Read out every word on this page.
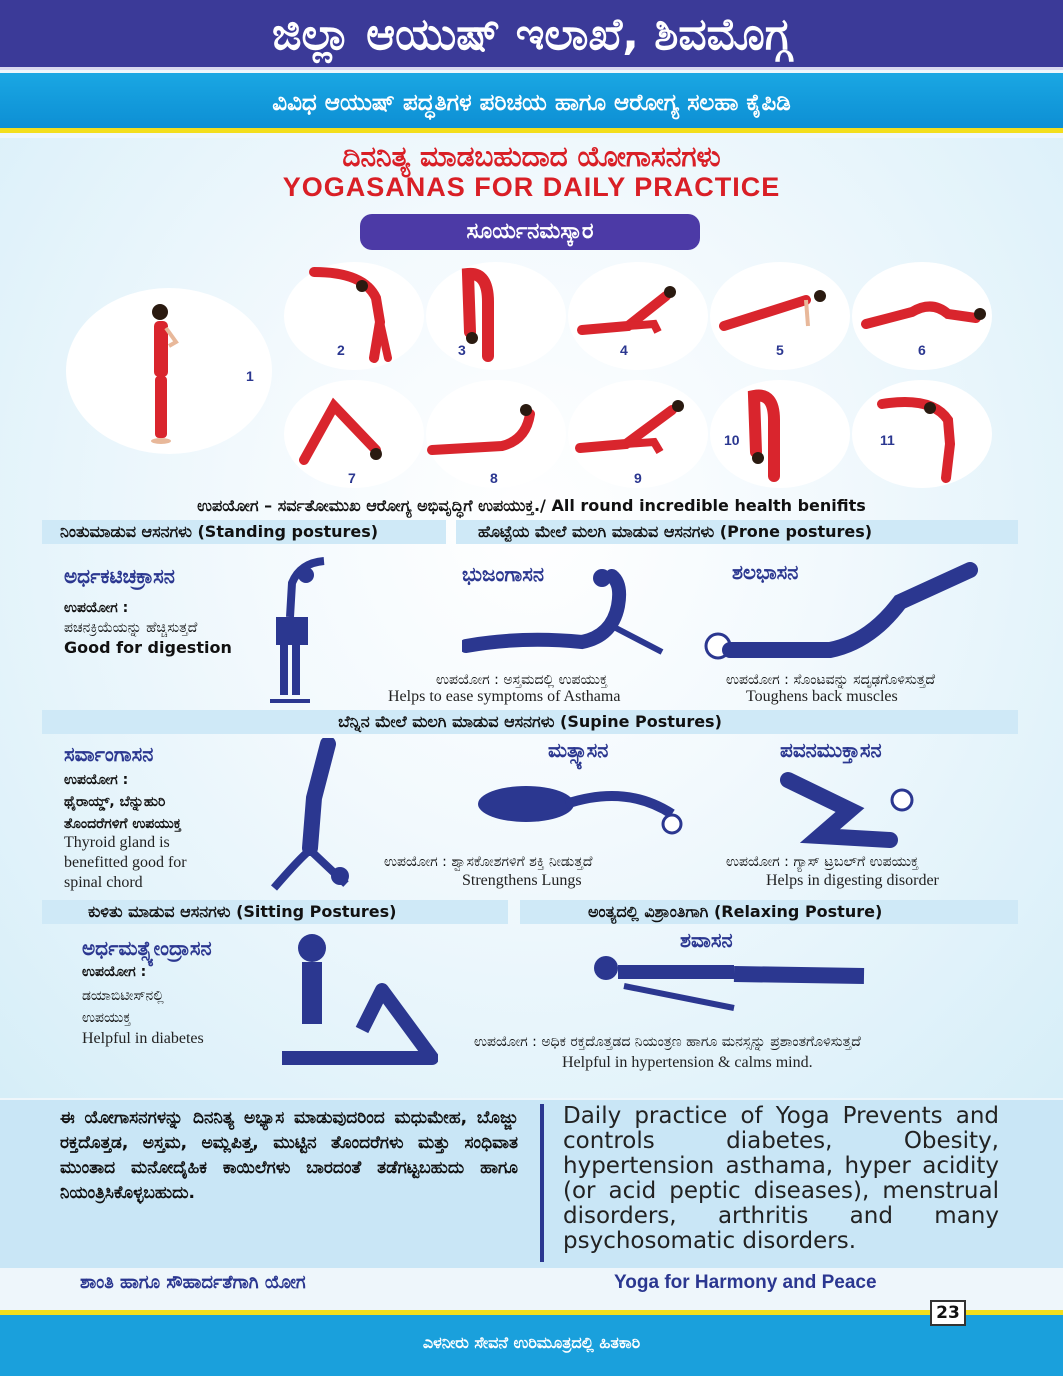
ಜಿಲ್ಲಾ ಆಯುಷ್ ಇಲಾಖೆ, ಶಿವಮೊಗ್ಗ
ವಿವಿಧ ಆಯುಷ್ ಪದ್ಧತಿಗಳ ಪರಿಚಯ ಹಾಗೂ ಆರೋಗ್ಯ ಸಲಹಾ ಕೈಪಿಡಿ
ದಿನನಿತ್ಯ ಮಾಡಬಹುದಾದ ಯೋಗಾಸನಗಳು
YOGASANAS FOR DAILY PRACTICE
ಸೂರ್ಯನಮಸ್ಕಾರ
1
2	3	4	5	6
7	8	9
10	11
ಉಪಯೋಗ – ಸರ್ವತೋಮುಖ ಆರೋಗ್ಯ ಅಭಿವೃದ್ಧಿಗೆ ಉಪಯುಕ್ತ./ All round incredible health benifits
ನಿಂತುಮಾಡುವ ಆಸನಗಳು (Standing postures)	ಹೊಟ್ಟೆಯ ಮೇಲೆ ಮಲಗಿ ಮಾಡುವ ಆಸನಗಳು (Prone postures)
ಅರ್ಧಕಟಿಚಕ್ರಾಸನ
ಉಪಯೋಗ :
ಪಚನಕ್ರಿಯೆಯನ್ನು ಹೆಚ್ಚಿಸುತ್ತದೆ
Good for digestion
ಭುಜಂಗಾಸನ
ಉಪಯೋಗ : ಅಸ್ತಮದಲ್ಲಿ ಉಪಯುಕ್ತ
Helps to ease symptoms of Asthama
ಶಲಭಾಸನ
ಉಪಯೋಗ : ಸೊಂಟವನ್ನು ಸದೃಢಗೊಳಿಸುತ್ತದೆ
Toughens back muscles
ಬೆನ್ನಿನ ಮೇಲೆ ಮಲಗಿ ಮಾಡುವ ಆಸನಗಳು (Supine Postures)
ಸರ್ವಾಂಗಾಸನ
ಉಪಯೋಗ :
ಥೈರಾಯ್ಡ್, ಬೆನ್ನುಹುರಿ
ತೊಂದರೆಗಳಿಗೆ ಉಪಯುಕ್ತ
Thyroid gland is
benefitted good for
spinal chord
ಮತ್ಸ್ಯಾಸನ
ಉಪಯೋಗ : ಶ್ವಾಸಕೋಶಗಳಿಗೆ ಶಕ್ತಿ ನೀಡುತ್ತದೆ
Strengthens Lungs
ಪವನಮುಕ್ತಾಸನ
ಉಪಯೋಗ : ಗ್ಯಾಸ್ ಟ್ರಬಲ್‌ಗೆ ಉಪಯುಕ್ತ
Helps in digesting disorder
ಕುಳಿತು ಮಾಡುವ ಆಸನಗಳು (Sitting Postures)	ಅಂತ್ಯದಲ್ಲಿ ವಿಶ್ರಾಂತಿಗಾಗಿ (Relaxing Posture)
ಅರ್ಧಮತ್ಸ್ಯೇಂದ್ರಾಸನ
ಉಪಯೋಗ :
ಡಯಾಬಿಟೀಸ್‌ನಲ್ಲಿ
ಉಪಯುಕ್ತ
Helpful in diabetes
ಶವಾಸನ
ಉಪಯೋಗ : ಅಧಿಕ ರಕ್ತದೊತ್ತಡದ ನಿಯಂತ್ರಣ ಹಾಗೂ ಮನಸ್ಸನ್ನು ಪ್ರಶಾಂತಗೊಳಿಸುತ್ತದೆ
Helpful in hypertension & calms mind.
ಈ ಯೋಗಾಸನಗಳನ್ನು ದಿನನಿತ್ಯ ಅಭ್ಯಾಸ ಮಾಡುವುದರಿಂದ ಮಧುಮೇಹ, ಬೊಜ್ಜು ರಕ್ತದೊತ್ತಡ, ಅಸ್ತಮ, ಅಮ್ಲಪಿತ್ತ, ಮುಟ್ಟಿನ ತೊಂದರೆಗಳು ಮತ್ತು ಸಂಧಿವಾತ ಮುಂತಾದ ಮನೋದೈಹಿಕ ಕಾಯಿಲೆಗಳು ಬಾರದಂತೆ ತಡೆಗಟ್ಟಬಹುದು ಹಾಗೂ ನಿಯಂತ್ರಿಸಿಕೊಳ್ಳಬಹುದು.
Daily practice of Yoga Prevents and controls diabetes, Obesity, hypertension asthama, hyper acidity (or acid peptic diseases), menstrual disorders, arthritis and many psychosomatic disorders.
ಶಾಂತಿ ಹಾಗೂ ಸೌಹಾರ್ದತೆಗಾಗಿ ಯೋಗ	Yoga for Harmony and Peace
ಎಳನೀರು ಸೇವನೆ ಉರಿಮೂತ್ರದಲ್ಲಿ ಹಿತಕಾರಿ
23
